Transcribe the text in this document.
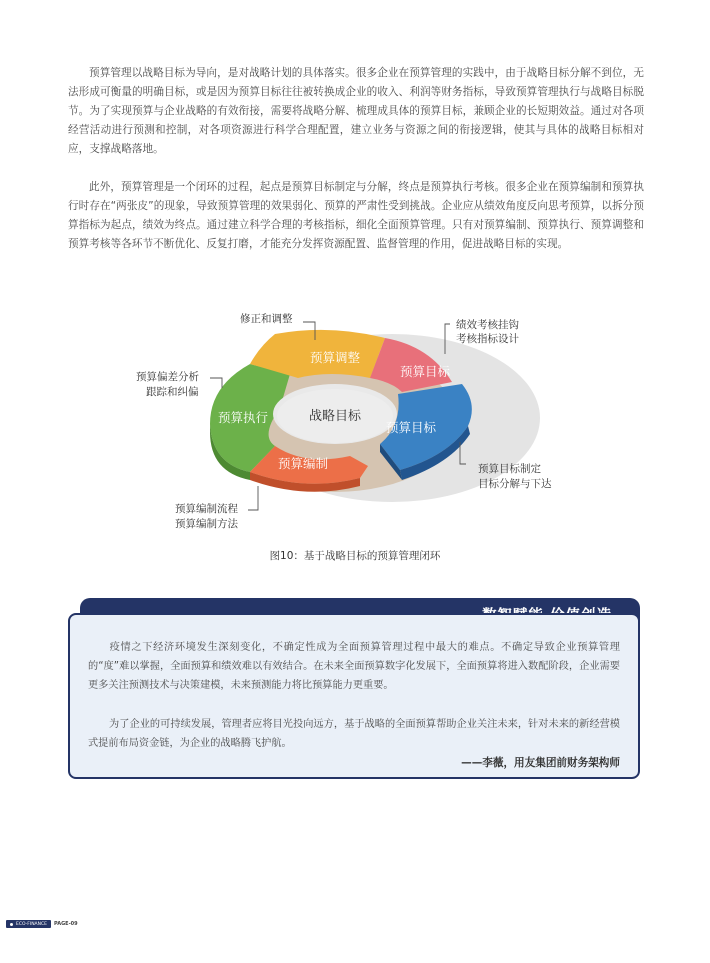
预算管理以战略目标为导向，是对战略计划的具体落实。很多企业在预算管理的实践中，由于战略目标分解不到位，无法形成可衡量的明确目标，或是因为预算目标往往被转换成企业的收入、利润等财务指标，导致预算管理执行与战略目标脱节。为了实现预算与企业战略的有效衔接，需要将战略分解、梳理成具体的预算目标，兼顾企业的长短期效益。通过对各项经营活动进行预测和控制，对各项资源进行科学合理配置，建立业务与资源之间的衔接逻辑，使其与具体的战略目标相对应，支撑战略落地。

此外，预算管理是一个闭环的过程，起点是预算目标制定与分解，终点是预算执行考核。很多企业在预算编制和预算执行时存在“两张皮”的现象，导致预算管理的效果弱化、预算的严肃性受到挑战。企业应从绩效角度反向思考预算，以拆分预算指标为起点，绩效为终点。通过建立科学合理的考核指标，细化全面预算管理。只有对预算编制、预算执行、预算调整和预算考核等各环节不断优化、反复打磨，才能充分发挥资源配置、监督管理的作用，促进战略目标的实现。

预算调整
预算目标
预算执行
预算编制
预算目标
战略目标
修正和调整	绩效考核挂钩
考核指标设计
预算偏差分析
跟踪和纠偏
预算目标制定
目标分解与下达
预算编制流程
预算编制方法
图10：基于战略目标的预算管理闭环

疫情之下经济环境发生深刻变化，不确定性成为全面预算管理过程中最大的难点。不确定导致企业预算管理的“度”难以掌握，全面预算和绩效难以有效结合。在未来全面预算数字化发展下，全面预算将进入数配阶段，企业需要更多关注预测技术与决策建模，未来预测能力将比预算能力更重要。

为了企业的可持续发展，管理者应将目光投向远方，基于战略的全面预算帮助企业关注未来，针对未来的新经营模式提前布局资金链，为企业的战略腾飞护航。

——李薇，用友集团前财务架构师
ECO-FINANCE PAGE-09
